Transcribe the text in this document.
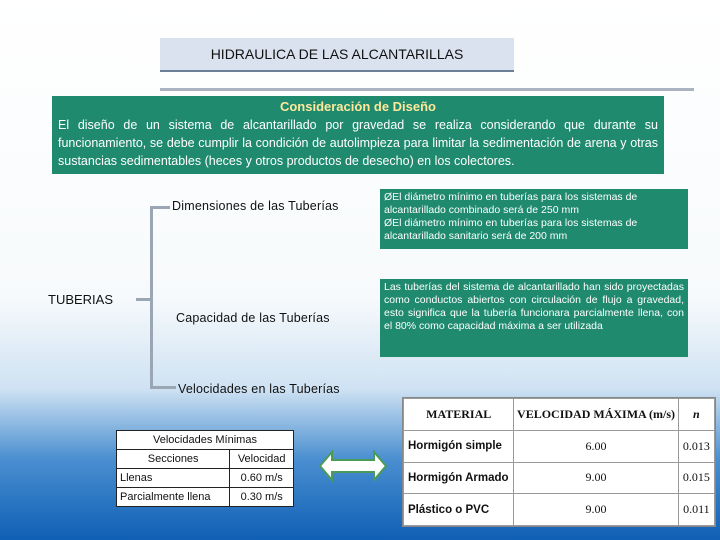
HIDRAULICA DE LAS ALCANTARILLAS
Consideración de Diseño
El diseño de un sistema de alcantarillado por gravedad se realiza considerando que durante su funcionamiento, se debe cumplir la condición de autolimpieza para limitar la sedimentación de arena y otras sustancias sedimentables (heces y otros productos de desecho) en los colectores.
TUBERIAS
Dimensiones de las Tuberías
Capacidad de las Tuberías
Velocidades en las Tuberías
ØEl diámetro mínimo en tuberías para los sistemas de alcantarillado combinado será de 250 mm
ØEl diámetro mínimo en tuberías para los sistemas de alcantarillado sanitario será de 200 mm
Las tuberías del sistema de alcantarillado han sido proyectadas como conductos abiertos con circulación de flujo a gravedad, esto significa que la tubería funcionara parcialmente llena, con el 80% como capacidad máxima a ser utilizada
Velocidades Mínimas	
Secciones	Velocidad
Llenas	0.60 m/s
Parcialmente llena	0.30 m/s
MATERIAL	VELOCIDAD MÁXIMA (m/s)	n
Hormigón simple	6.00	0.013
Hormigón Armado	9.00	0.015
Plástico o PVC	9.00	0.011
